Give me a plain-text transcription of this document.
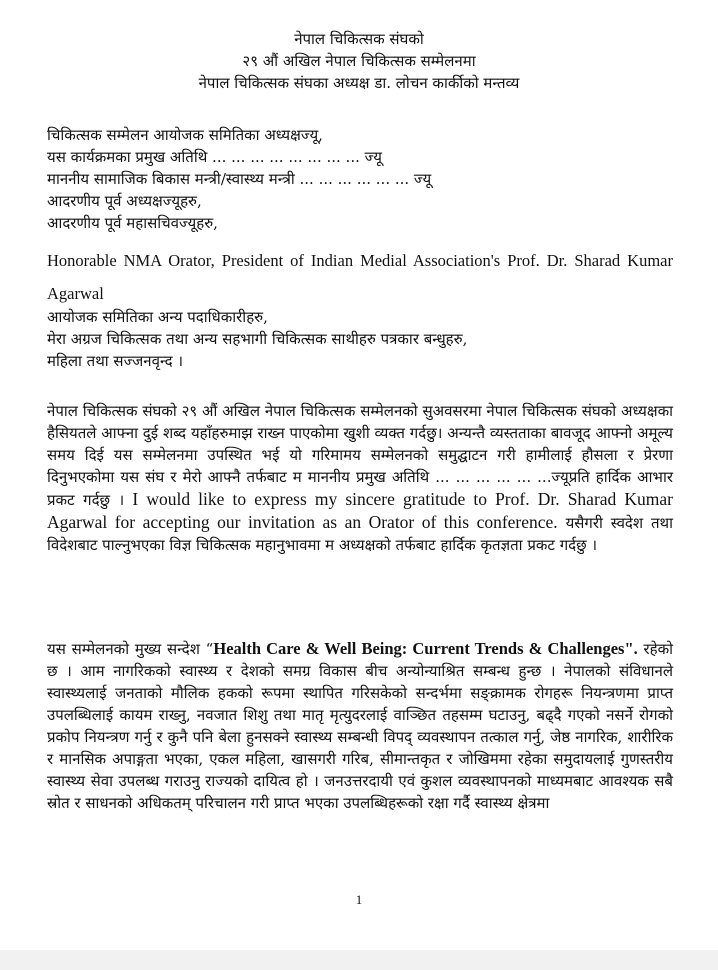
नेपाल चिकित्सक संघको
२९ औं अखिल नेपाल चिकित्सक सम्मेलनमा
नेपाल चिकित्सक संघका अध्यक्ष डा. लोचन कार्कीको मन्तव्य
चिकित्सक सम्मेलन आयोजक समितिका अध्यक्षज्यू,
यस कार्यक्रमका प्रमुख अतिथि ... ... ... ... ... ... ... ... ज्यू
माननीय सामाजिक बिकास मन्त्री/स्वास्थ्य मन्त्री ... ... ... ... ... ... ज्यू
आदरणीय पूर्व अध्यक्षज्यूहरु,
आदरणीय पूर्व महासचिवज्यूहरु,
Honorable NMA Orator, President of Indian Medial Association's Prof. Dr. Sharad Kumar Agarwal
आयोजक समितिका अन्य पदाधिकारीहरु,
मेरा अग्रज चिकित्सक तथा अन्य सहभागी चिकित्सक साथीहरु पत्रकार बन्धुहरु,
महिला तथा सज्जनवृन्द ।
नेपाल चिकित्सक संघको २९ औं अखिल नेपाल चिकित्सक सम्मेलनको सुअवसरमा नेपाल चिकित्सक संघको अध्यक्षका हैसियतले आफ्ना दुई शब्द यहाँहरुमाझ राख्न पाएकोमा खुशी व्यक्त गर्दछु। अन्यन्तै व्यस्तताका बावजूद आफ्नो अमूल्य समय दिई यस सम्मेलनमा उपस्थित भई यो गरिमामय सम्मेलनको समुद्घाटन गरी हामीलाई हौसला र प्रेरणा दिनुभएकोमा यस संघ र मेरो आफ्नै तर्फबाट म माननीय प्रमुख अतिथि ... ... ... ... ... ...ज्यूप्रति हार्दिक आभार प्रकट गर्दछु । I would like to express my sincere gratitude to Prof. Dr. Sharad Kumar Agarwal for accepting our invitation as an Orator of this conference. यसैगरी स्वदेश तथा विदेशबाट पाल्नुभएका विज्ञ चिकित्सक महानुभावमा म अध्यक्षको तर्फबाट हार्दिक कृतज्ञता प्रकट गर्दछु ।
यस सम्मेलनको मुख्य सन्देश “Health Care & Well Being: Current Trends & Challenges". रहेको छ । आम नागरिकको स्वास्थ्य र देशको समग्र विकास बीच अन्योन्याश्रित सम्बन्ध हुन्छ । नेपालको संविधानले स्वास्थ्यलाई जनताको मौलिक हकको रूपमा स्थापित गरिसकेको सन्दर्भमा सङ्क्रामक रोगहरू नियन्त्रणमा प्राप्त उपलब्धिलाई कायम राख्नु, नवजात शिशु तथा मातृ मृत्युदरलाई वाञ्छित तहसम्म घटाउनु, बढ्दै गएको नसर्ने रोगको प्रकोप नियन्त्रण गर्नु र कुनै पनि बेला हुनसक्ने स्वास्थ्य सम्बन्धी विपद् व्यवस्थापन तत्काल गर्नु, जेष्ठ नागरिक, शारीरिक र मानसिक अपाङ्गता भएका, एकल महिला, खासगरी गरिब, सीमान्तकृत र जोखिममा रहेका समुदायलाई गुणस्तरीय स्वास्थ्य सेवा उपलब्ध गराउनु राज्यको दायित्व हो । जनउत्तरदायी एवं कुशल व्यवस्थापनको माध्यमबाट आवश्यक सबै स्रोत र साधनको अधिकतम् परिचालन गरी प्राप्त भएका उपलब्धिहरूको रक्षा गर्दै स्वास्थ्य क्षेत्रमा
1
